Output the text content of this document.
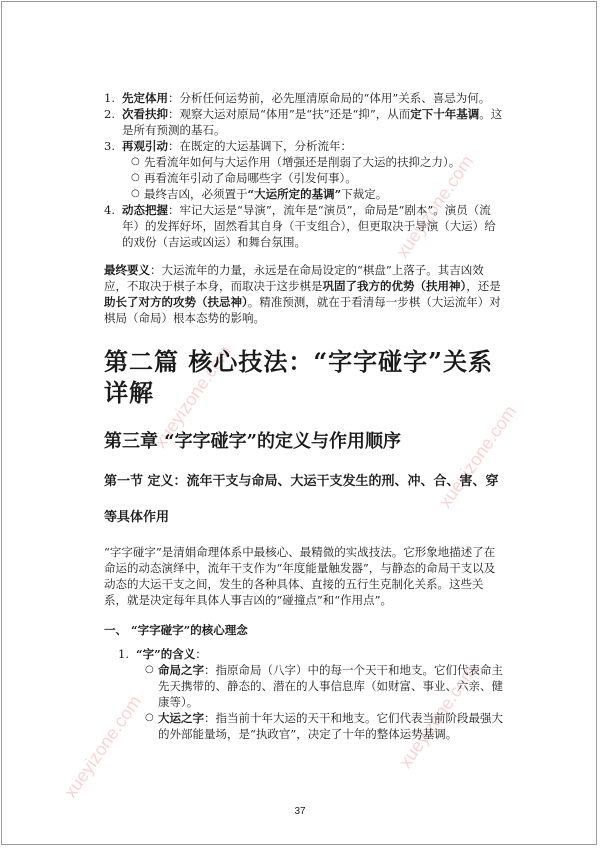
xueyizone.com
xueyizone.com
xueyizone.com
xueyizone.com	xueyizone.com
1. 先定体用：分析任何运势前，必先厘清原命局的“体用”关系、喜忌为何。
2. 次看扶抑：观察大运对原局“体用”是“扶”还是“抑”，从而定下十年基调。这是所有预测的基石。
3. 再观引动：在既定的大运基调下，分析流年：
○ 先看流年如何与大运作用（增强还是削弱了大运的扶抑之力）。
○ 再看流年引动了命局哪些字（引发何事）。
○ 最终吉凶，必须置于“大运所定的基调”下裁定。
4. 动态把握：牢记大运是“导演”，流年是“演员”，命局是“剧本”。演员（流年）的发挥好坏，固然看其自身（干支组合），但更取决于导演（大运）给的戏份（吉运或凶运）和舞台氛围。

最终要义：大运流年的力量，永远是在命局设定的“棋盘”上落子。其吉凶效应，不取决于棋子本身，而取决于这步棋是巩固了我方的优势（扶用神），还是助长了对方的攻势（扶忌神）。精准预测，就在于看清每一步棋（大运流年）对棋局（命局）根本态势的影响。

第二篇 核心技法：“字字碰字”关系详解
第三章 “字字碰字”的定义与作用顺序
第一节 定义：流年干支与命局、大运干支发生的刑、冲、合、害、穿等具体作用

“字字碰字”是清娟命理体系中最核心、最精微的实战技法。它形象地描述了在命运的动态演绎中，流年干支作为“年度能量触发器”，与静态的命局干支以及动态的大运干支之间，发生的各种具体、直接的五行生克制化关系。这些关系，就是决定每年具体人事吉凶的“碰撞点”和“作用点”。

一、 “字字碰字”的核心理念
1. “字”的含义：
○ 命局之字：指原命局（八字）中的每一个天干和地支。它们代表命主先天携带的、静态的、潜在的人事信息库（如财富、事业、六亲、健康等）。
○ 大运之字：指当前十年大运的天干和地支。它们代表当前阶段最强大的外部能量场，是“执政官”，决定了十年的整体运势基调。
37
